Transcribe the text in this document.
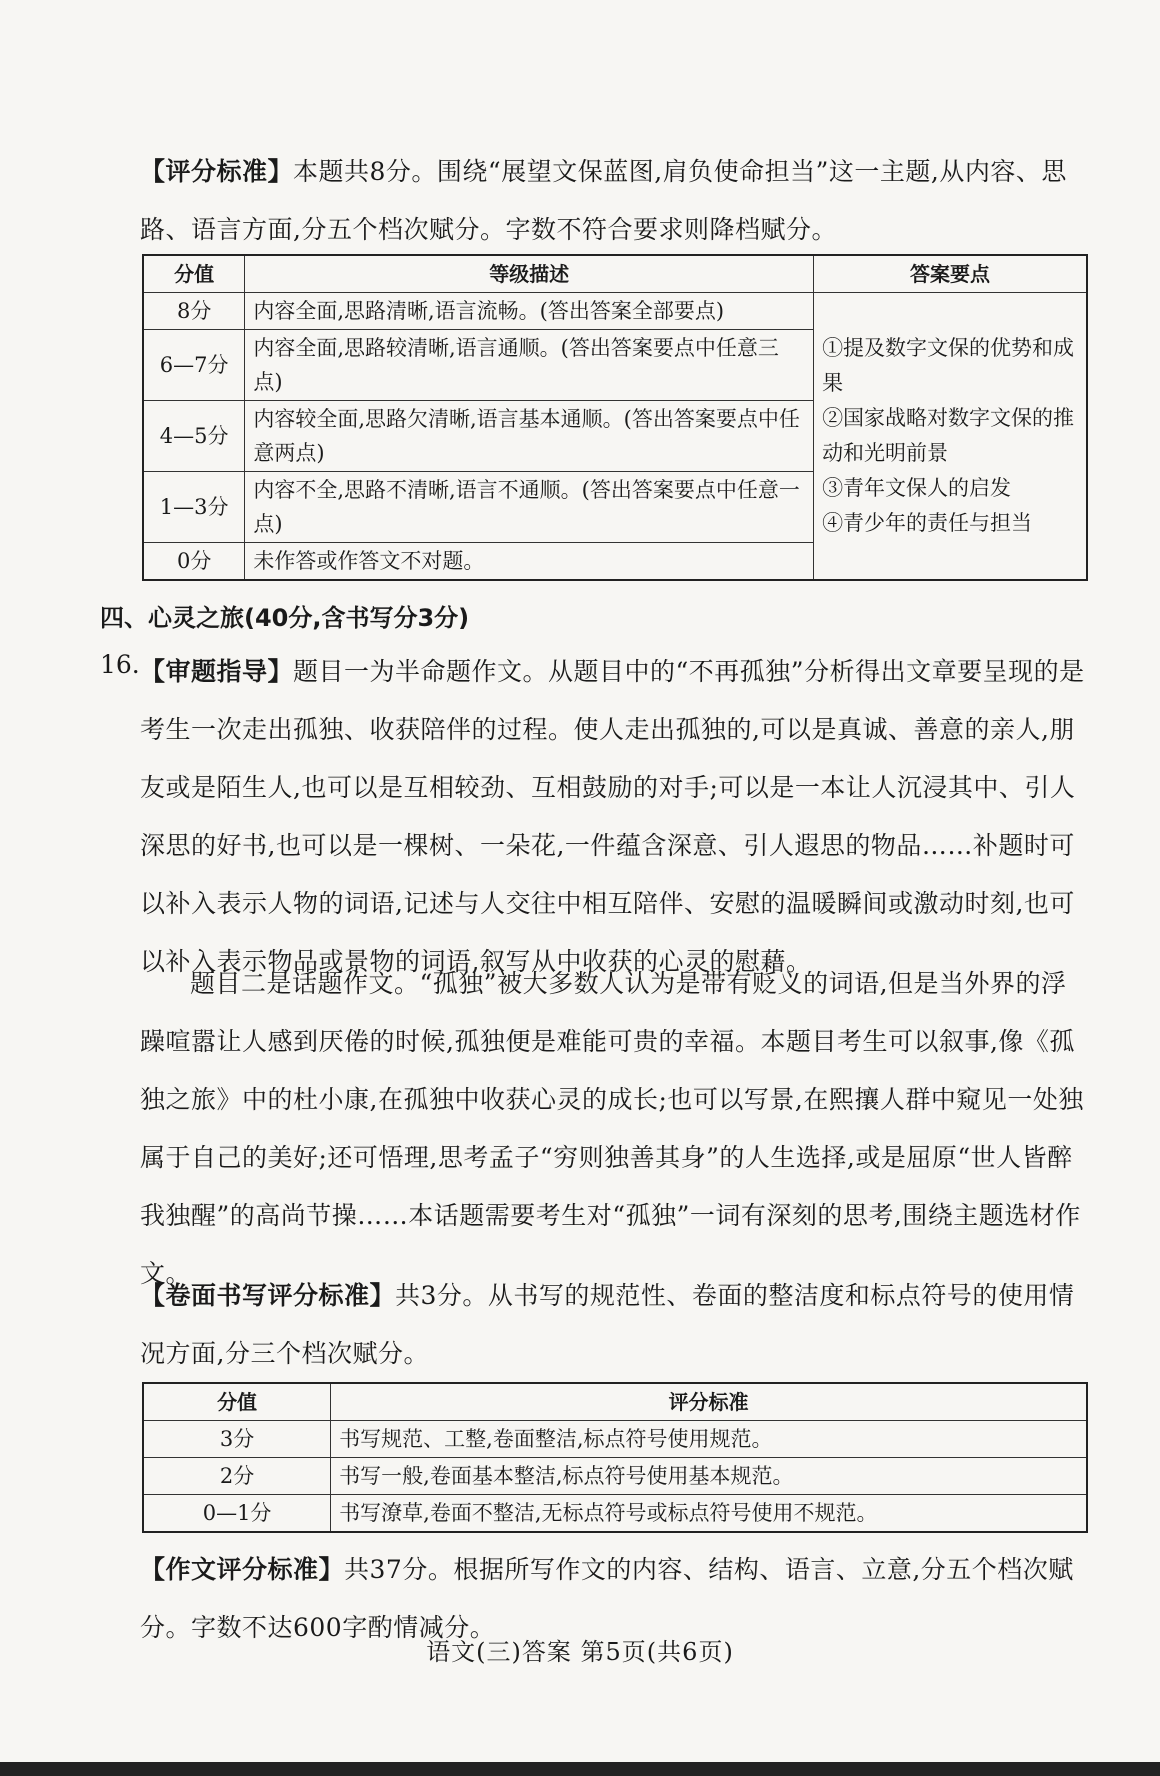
【评分标准】本题共8分。围绕“展望文保蓝图,肩负使命担当”这一主题,从内容、思路、语言方面,分五个档次赋分。字数不符合要求则降档赋分。

分值	等级描述	答案要点
8分	内容全面,思路清晰,语言流畅。(答出答案全部要点)	①提及数字文保的优势和成果
②国家战略对数字文保的推动和光明前景
③青年文保人的启发
④青少年的责任与担当

6—7分	内容全面,思路较清晰,语言通顺。(答出答案要点中任意三点)	
4—5分	内容较全面,思路欠清晰,语言基本通顺。(答出答案要点中任意两点)	
1—3分	内容不全,思路不清晰,语言不通顺。(答出答案要点中任意一点)	
0分	未作答或作答文不对题。	
四、心灵之旅(40分,含书写分3分)
16. 【审题指导】题目一为半命题作文。从题目中的“不再孤独”分析得出文章要呈现的是考生一次走出孤独、收获陪伴的过程。使人走出孤独的,可以是真诚、善意的亲人,朋友或是陌生人,也可以是互相较劲、互相鼓励的对手;可以是一本让人沉浸其中、引人深思的好书,也可以是一棵树、一朵花,一件蕴含深意、引人遐思的物品……补题时可以补入表示人物的词语,记述与人交往中相互陪伴、安慰的温暖瞬间或激动时刻,也可以补入表示物品或景物的词语,叙写从中收获的心灵的慰藉。

题目二是话题作文。“孤独”被大多数人认为是带有贬义的词语,但是当外界的浮躁喧嚣让人感到厌倦的时候,孤独便是难能可贵的幸福。本题目考生可以叙事,像《孤独之旅》中的杜小康,在孤独中收获心灵的成长;也可以写景,在熙攘人群中窥见一处独属于自己的美好;还可悟理,思考孟子“穷则独善其身”的人生选择,或是屈原“世人皆醉我独醒”的高尚节操……本话题需要考生对“孤独”一词有深刻的思考,围绕主题选材作文。

【卷面书写评分标准】共3分。从书写的规范性、卷面的整洁度和标点符号的使用情况方面,分三个档次赋分。

分值	评分标准
3分	书写规范、工整,卷面整洁,标点符号使用规范。
2分	书写一般,卷面基本整洁,标点符号使用基本规范。
0—1分	书写潦草,卷面不整洁,无标点符号或标点符号使用不规范。

【作文评分标准】共37分。根据所写作文的内容、结构、语言、立意,分五个档次赋分。字数不达600字酌情减分。

语文(三)答案 第5页(共6页)
